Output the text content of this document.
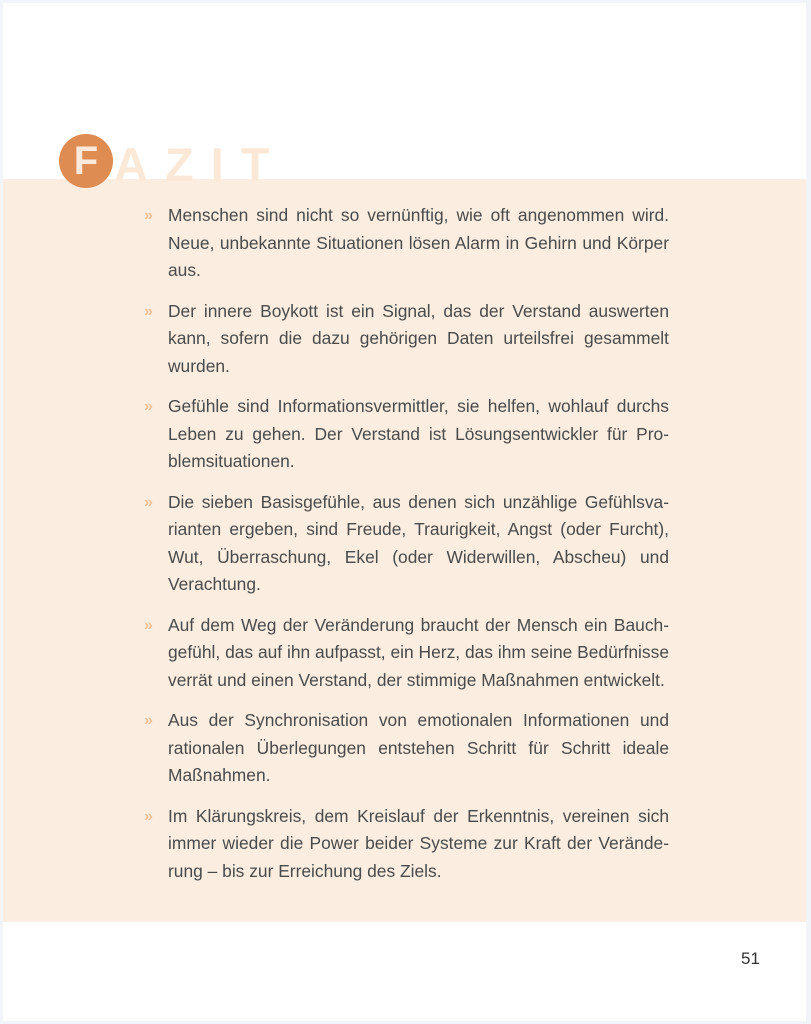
F AZIT
» Menschen sind nicht so vernünftig, wie oft angenommen wird. Neue, unbekannte Situationen lösen Alarm in Gehirn und Körper aus.
» Der innere Boykott ist ein Signal, das der Verstand auswerten kann, sofern die dazu gehörigen Daten urteilsfrei gesammelt wurden.
» Gefühle sind Informationsvermittler, sie helfen, wohlauf durchs Leben zu gehen. Der Verstand ist Lösungsentwickler für Problemsituationen.
» Die sieben Basisgefühle, aus denen sich unzählige Gefühlsvarianten ergeben, sind Freude, Traurigkeit, Angst (oder Furcht), Wut, Überraschung, Ekel (oder Widerwillen, Abscheu) und Verachtung.
» Auf dem Weg der Veränderung braucht der Mensch ein Bauchgefühl, das auf ihn aufpasst, ein Herz, das ihm seine Bedürfnisse verrät und einen Verstand, der stimmige Maßnahmen entwickelt.
» Aus der Synchronisation von emotionalen Informationen und rationalen Überlegungen entstehen Schritt für Schritt ideale Maßnahmen.
» Im Klärungskreis, dem Kreislauf der Erkenntnis, vereinen sich immer wieder die Power beider Systeme zur Kraft der Veränderung – bis zur Erreichung des Ziels.
51
